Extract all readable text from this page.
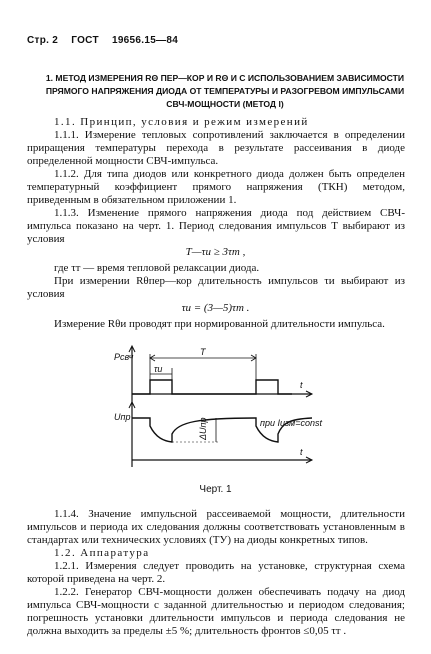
Стр. 2 ГОСТ 19656.15—84
1. МЕТОД ИЗМЕРЕНИЯ RΘ ПЕР—КОР И RΘ И С ИСПОЛЬЗОВАНИЕМ ЗАВИСИМОСТИ ПРЯМОГО НАПРЯЖЕНИЯ ДИОДА ОТ ТЕМПЕРАТУРЫ И РАЗОГРЕВОМ ИМПУЛЬСАМИ СВЧ-МОЩНОСТИ (МЕТОД I)

1.1. Принцип, условия и режим измерений

1.1.1. Измерение тепловых сопротивлений заключается в определении приращения температуры перехода в результате рассеивания в диоде определенной мощности СВЧ-импульса.

1.1.2. Для типа диодов или конкретного диода должен быть определен температурный коэффициент прямого напряжения (ТКН) методом, приведенным в обязательном приложении 1.

1.1.3. Изменение прямого напряжения диода под действием СВЧ-импульса показано на черт. 1. Период следования импульсов T выбирают из условия

T—τи ≥ 3τт ,

где τт — время тепловой релаксации диода.

При измерении Rθпер—кор длительность импульсов τи выбирают из условия

τи = (3—5)τт .

Измерение Rθи проводят при нормированной длительности импульса.

Pсвч
t
τи
T
Uпр
t
при Iизм=const
ΔUпр
Черт. 1

1.1.4. Значение импульсной рассеиваемой мощности, длительности импульсов и периода их следования должны соответствовать установленным в стандартах или технических условиях (ТУ) на диоды конкретных типов.

1.2. Аппаратура

1.2.1. Измерения следует проводить на установке, структурная схема которой приведена на черт. 2.

1.2.2. Генератор СВЧ-мощности должен обеспечивать подачу на диод импульса СВЧ-мощности с заданной длительностью и периодом следования; погрешность установки длительности импульсов и периода следования не должна выходить за пределы ±5 %; длительность фронтов ≤0,05 τт .
